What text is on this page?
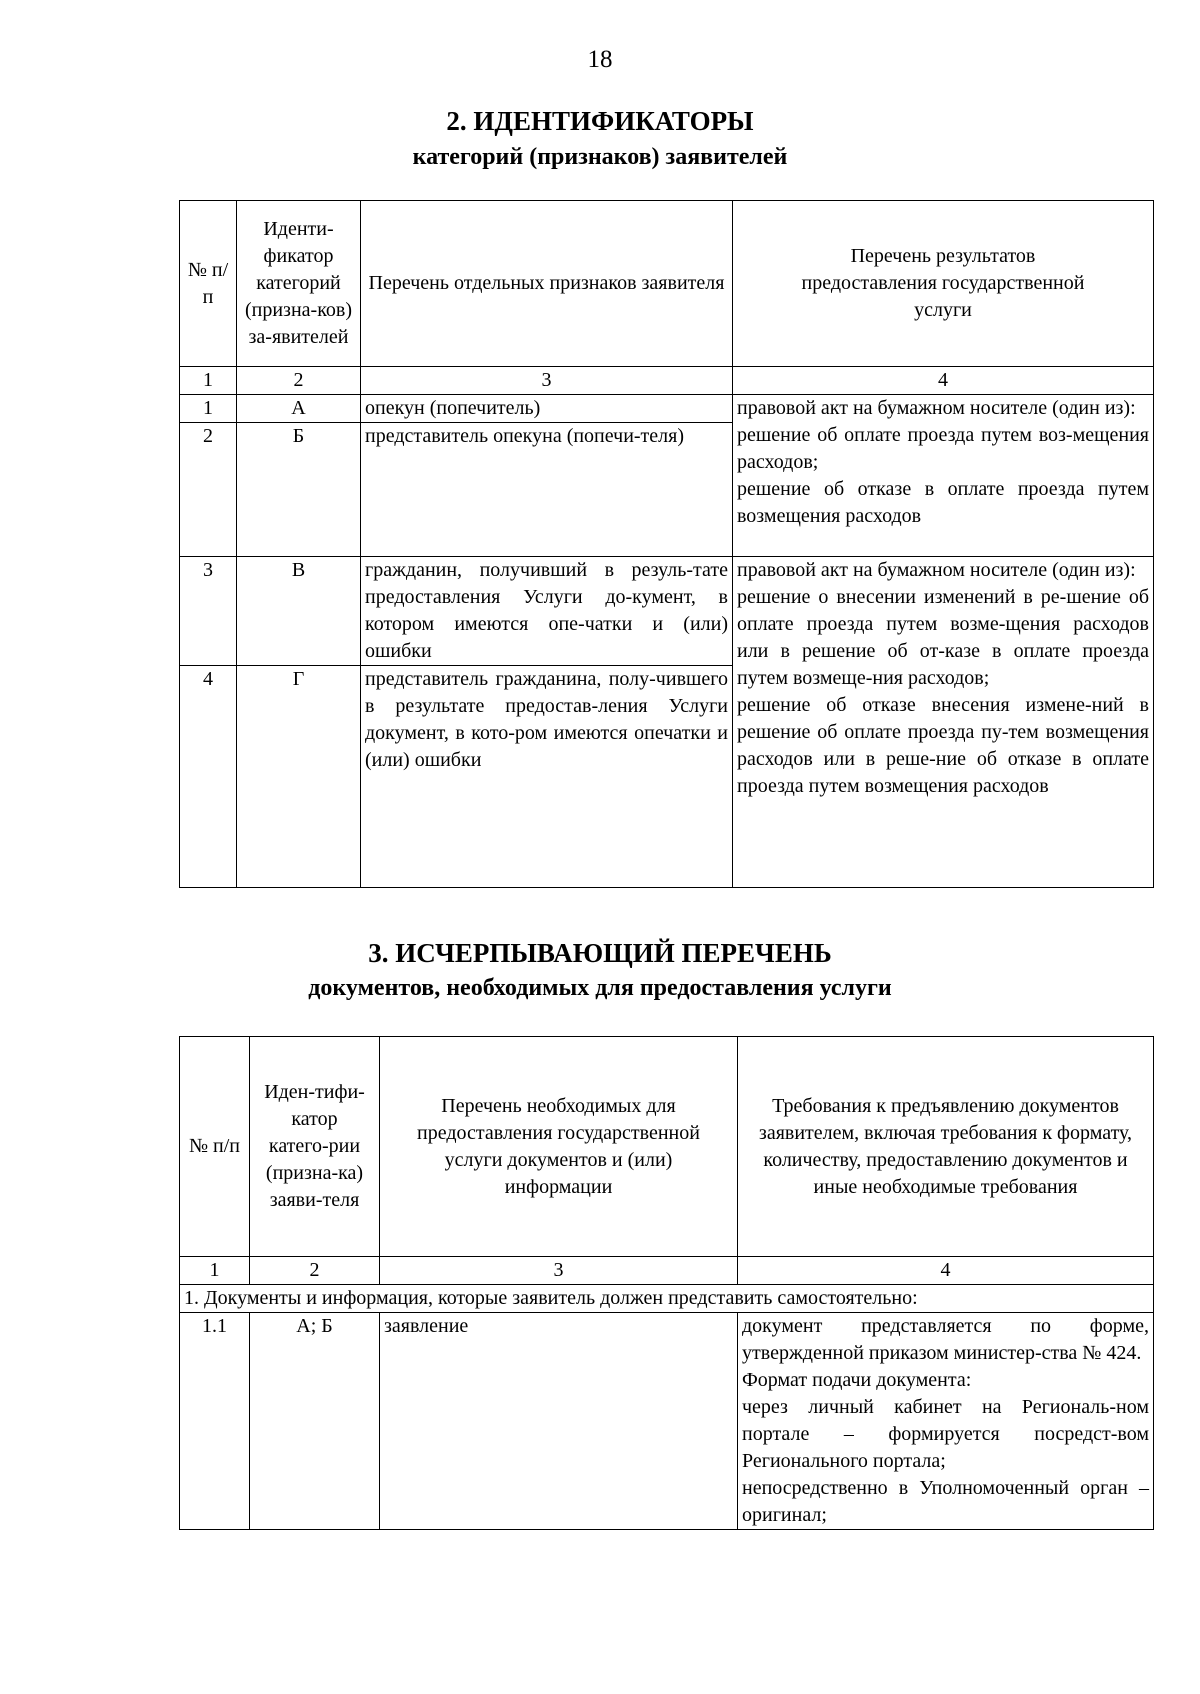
18
2. ИДЕНТИФИКАТОРЫ
категорий (признаков) заявителей
№ п/п	Иденти-фикатор категорий (призна-ков) за-явителей	Перечень отдельных признаков заявителя	Перечень результатов предоставления государственной услуги
1	2	3	4
1	А	опекун (попечитель)	правовой акт на бумажном носителе (один из):
решение об оплате проезда путем воз-мещения расходов;
решение об отказе в оплате проезда путем возмещения расходов

2	Б	представитель опекуна (попечи-теля)	
3	В	гражданин, получивший в резуль-тате предоставления Услуги до-кумент, в котором имеются опе-чатки и (или) ошибки	правовой акт на бумажном носителе (один из):
решение о внесении изменений в ре-шение об оплате проезда путем возме-щения расходов или в решение об от-казе в оплате проезда путем возмеще-ния расходов;
решение об отказе внесения измене-ний в решение об оплате проезда пу-тем возмещения расходов или в реше-ние об отказе в оплате проезда путем возмещения расходов

4	Г	представитель гражданина, полу-чившего в результате предостав-ления Услуги документ, в кото-ром имеются опечатки и (или) ошибки	
3. ИСЧЕРПЫВАЮЩИЙ ПЕРЕЧЕНЬ
документов, необходимых для предоставления услуги
№ п/п	Иден-тифи-катор катего-рии (призна-ка) заяви-теля	Перечень необходимых для предоставления государственной услуги документов и (или) информации	Требования к предъявлению документов заявителем, включая требования к формату, количеству, предоставлению документов и иные необходимые требования
1	2	3	4
1. Документы и информация, которые заявитель должен представить самостоятельно:			
1.1	А; Б	заявление	документ представляется по форме, утвержденной приказом министер-ства № 424.
Формат подачи документа:
через личный кабинет на Региональ-ном портале – формируется посредст-вом Регионального портала;
непосредственно в Уполномоченный орган – оригинал;
